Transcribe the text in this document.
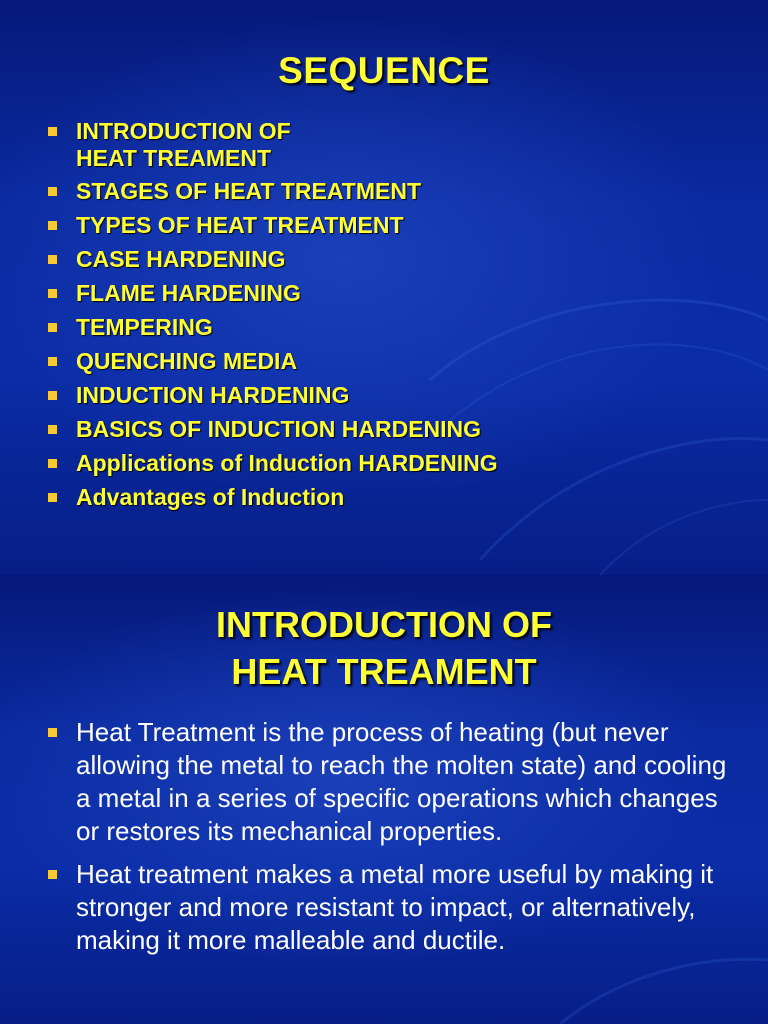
SEQUENCE
INTRODUCTION OF
HEAT TREAMENT
STAGES OF HEAT TREATMENT
TYPES OF HEAT TREATMENT
CASE HARDENING
FLAME HARDENING
TEMPERING
QUENCHING MEDIA
INDUCTION HARDENING
BASICS OF INDUCTION HARDENING
Applications of Induction HARDENING
Advantages of Induction
INTRODUCTION OF
HEAT TREAMENT
Heat Treatment is the process of heating (but never allowing the metal to reach the molten state) and cooling a metal in a series of specific operations which changes or restores its mechanical properties.
Heat treatment makes a metal more useful by making it stronger and more resistant to impact, or alternatively, making it more malleable and ductile.
